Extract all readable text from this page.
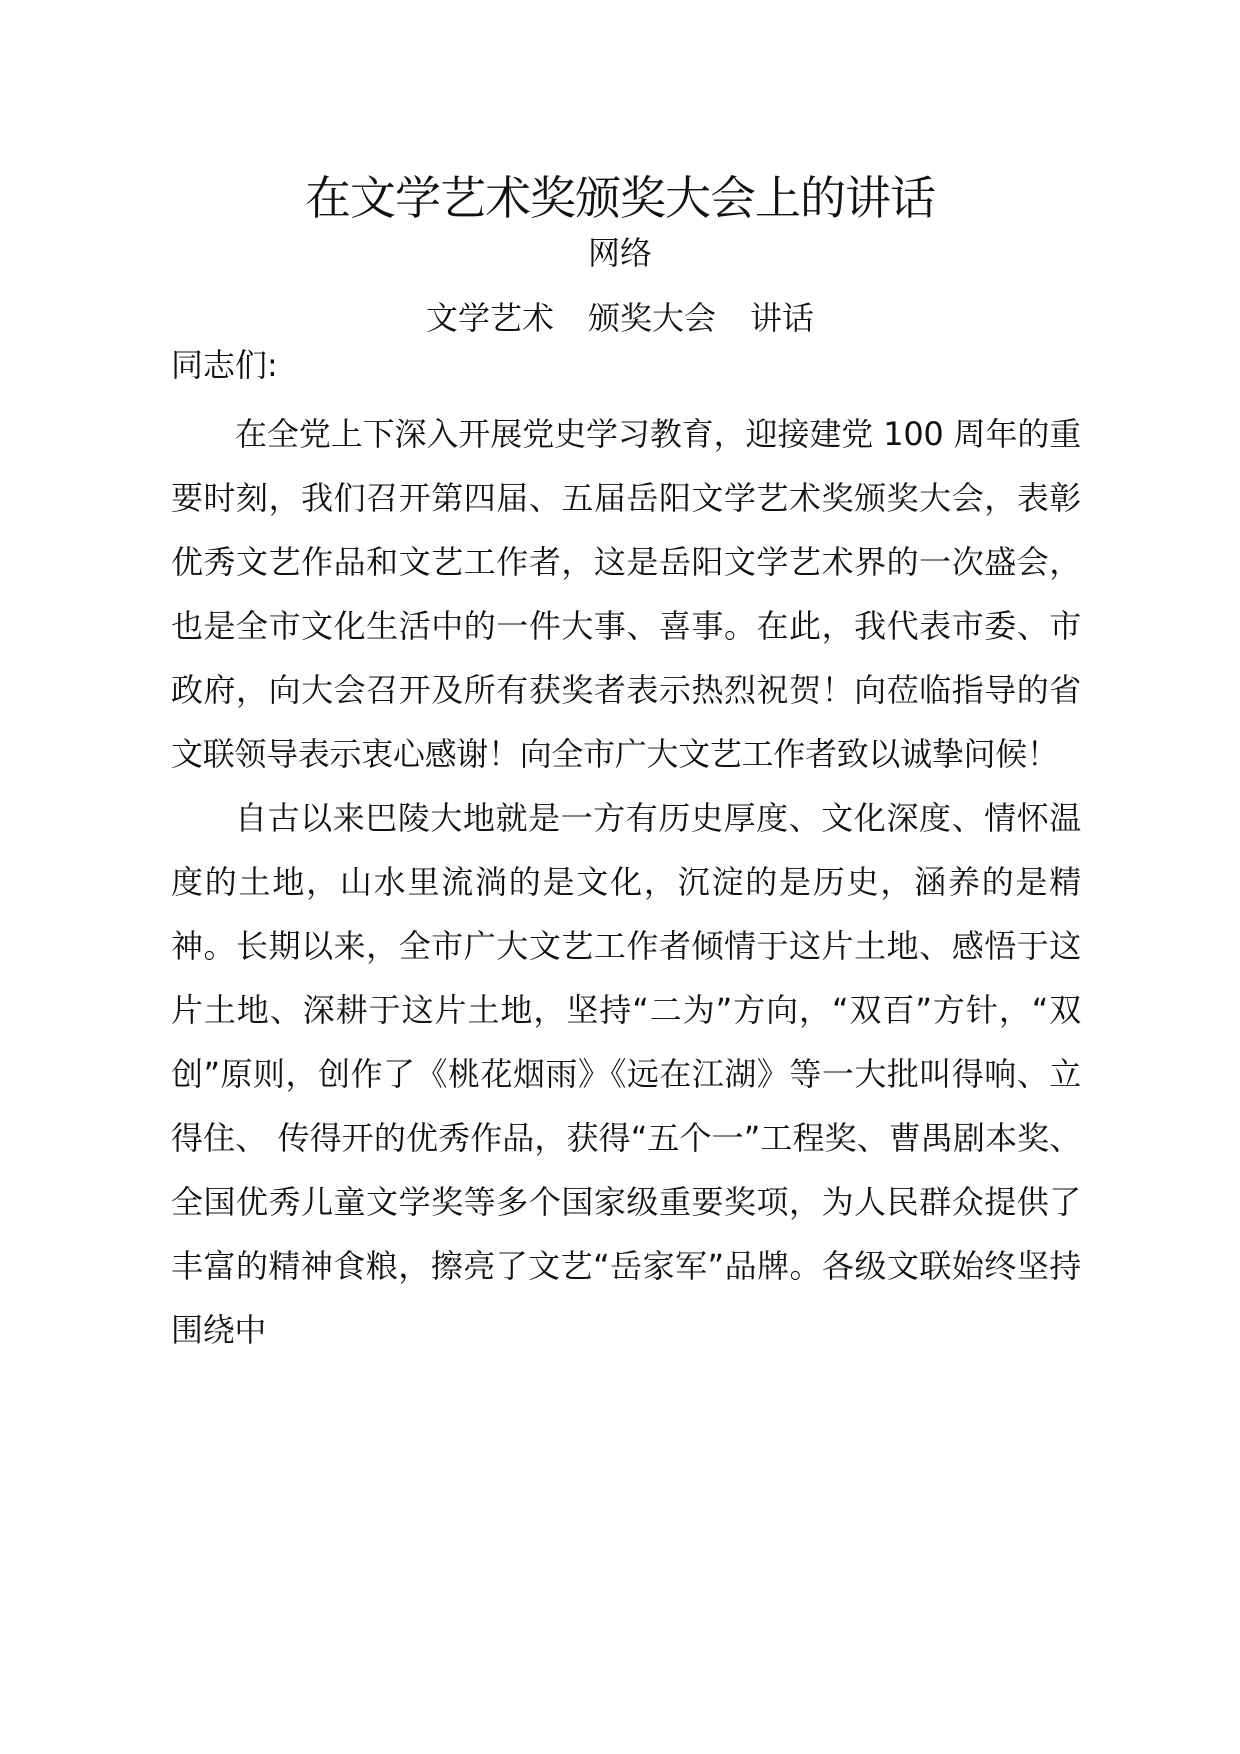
在文学艺术奖颁奖大会上的讲话
网络
文学艺术 颁奖大会 讲话
同志们:

在全党上下深入开展党史学习教育，迎接建党 100 周年的重要时刻，我们召开第四届、五届岳阳文学艺术奖颁奖大会，表彰优秀文艺作品和文艺工作者，这是岳阳文学艺术界的一次盛会，也是全市文化生活中的一件大事、喜事。在此，我代表市委、市政府，向大会召开及所有获奖者表示热烈祝贺！向莅临指导的省文联领导表示衷心感谢！向全市广大文艺工作者致以诚挚问候！

自古以来巴陵大地就是一方有历史厚度、文化深度、情怀温度的土地，山水里流淌的是文化，沉淀的是历史，涵养的是精神。长期以来，全市广大文艺工作者倾情于这片土地、感悟于这片土地、深耕于这片土地，坚持“二为”方向，“双百”方针，“双创”原则，创作了《桃花烟雨》《远在江湖》等一大批叫得响、立得住、 传得开的优秀作品，获得“五个一”工程奖、曹禺剧本奖、全国优秀儿童文学奖等多个国家级重要奖项，为人民群众提供了丰富的精神食粮，擦亮了文艺“岳家军”品牌。各级文联始终坚持围绕中
